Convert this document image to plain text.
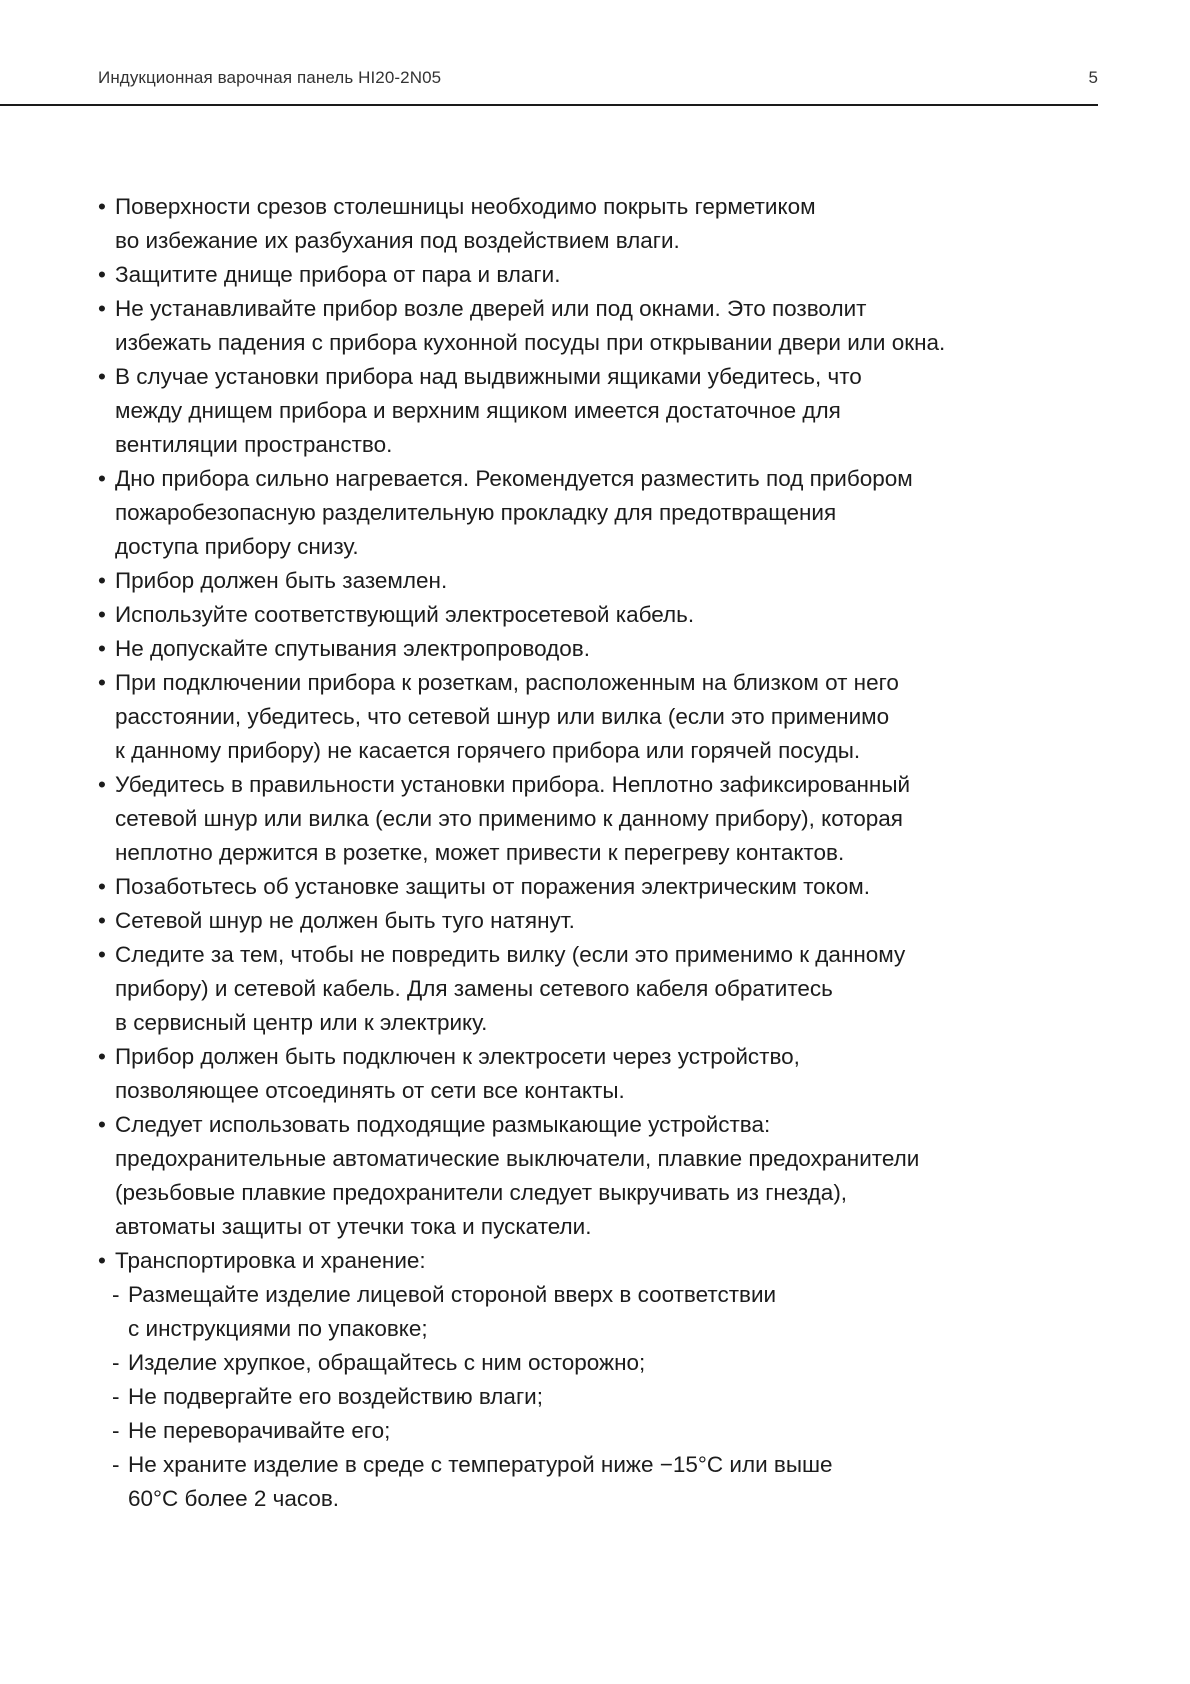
Индукционная варочная панель HI20-2N05	5
• Поверхности срезов столешницы необходимо покрыть герметиком
во избежание их разбухания под воздействием влаги.
• Защитите днище прибора от пара и влаги.
• Не устанавливайте прибор возле дверей или под окнами. Это позволит
избежать падения с прибора кухонной посуды при открывании двери или окна.
• В случае установки прибора над выдвижными ящиками убедитесь, что
между днищем прибора и верхним ящиком имеется достаточное для
вентиляции пространство.
• Дно прибора сильно нагревается. Рекомендуется разместить под прибором
пожаробезопасную разделительную прокладку для предотвращения
доступа прибору снизу.
• Прибор должен быть заземлен.
• Используйте соответствующий электросетевой кабель.
• Не допускайте спутывания электропроводов.
• При подключении прибора к розеткам, расположенным на близком от него
расстоянии, убедитесь, что сетевой шнур или вилка (если это применимо
к данному прибору) не касается горячего прибора или горячей посуды.
• Убедитесь в правильности установки прибора. Неплотно зафиксированный
сетевой шнур или вилка (если это применимо к данному прибору), которая
неплотно держится в розетке, может привести к перегреву контактов.
• Позаботьтесь об установке защиты от поражения электрическим током.
• Сетевой шнур не должен быть туго натянут.
• Следите за тем, чтобы не повредить вилку (если это применимо к данному
прибору) и сетевой кабель. Для замены сетевого кабеля обратитесь
в сервисный центр или к электрику.
• Прибор должен быть подключен к электросети через устройство,
позволяющее отсоединять от сети все контакты.
• Следует использовать подходящие размыкающие устройства:
предохранительные автоматические выключатели, плавкие предохранители
(резьбовые плавкие предохранители следует выкручивать из гнезда),
автоматы защиты от утечки тока и пускатели.
• Транспортировка и хранение:
- Размещайте изделие лицевой стороной вверх в соответствии
с инструкциями по упаковке;
- Изделие хрупкое, обращайтесь с ним осторожно;
- Не подвергайте его воздействию влаги;
- Не переворачивайте его;
- Не храните изделие в среде с температурой ниже −15°С или выше
60°С более 2 часов.
